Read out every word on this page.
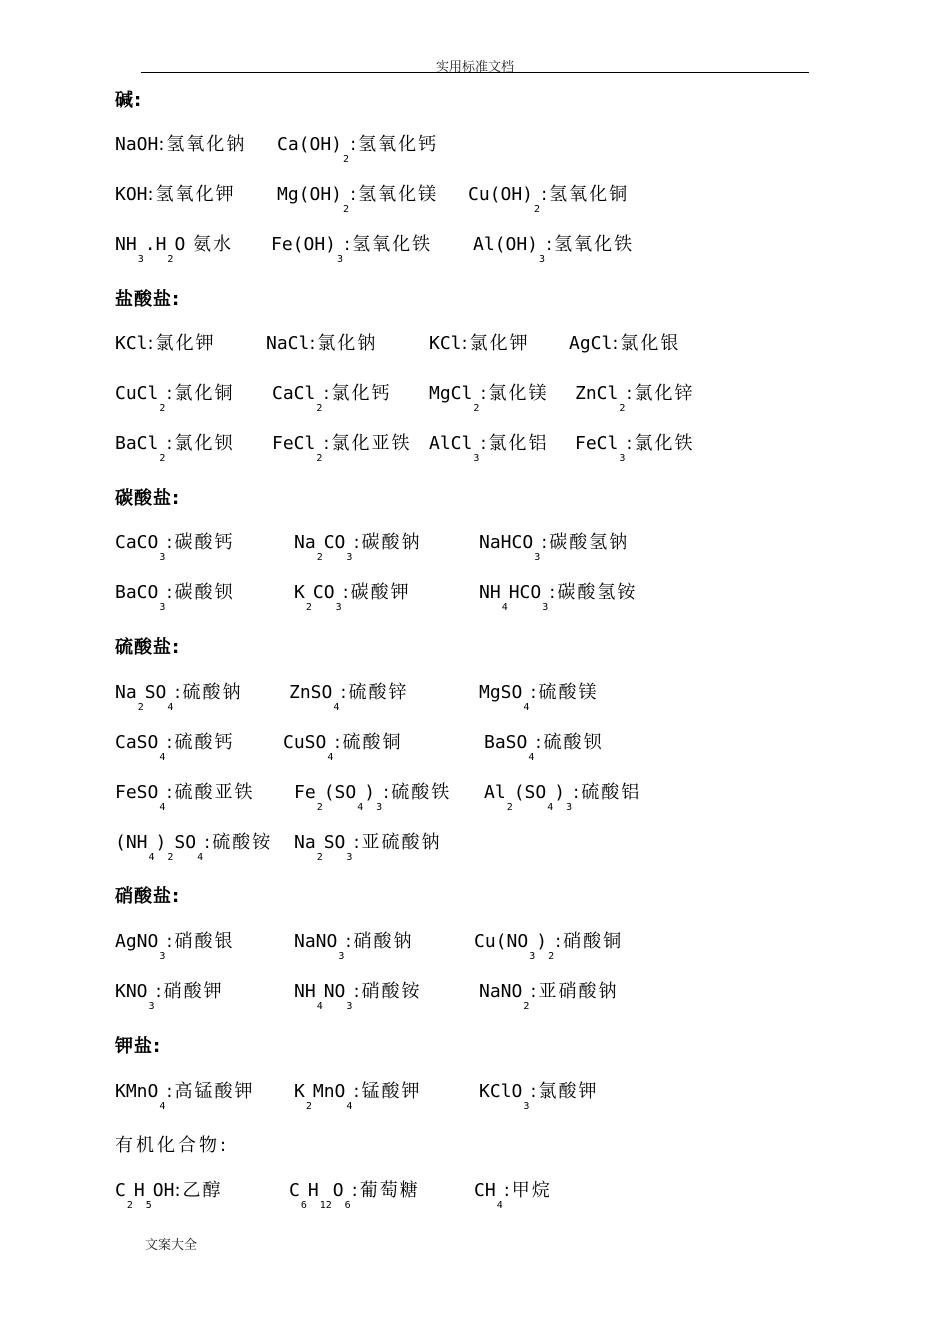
实用标准文档
碱:
NaOH:氢氧化钠 $Ca(OH)_2$:氢氧化钙
KOH:氢氧化钾 $Mg(OH)_2$:氢氧化镁 $Cu(OH)_2$:氢氧化铜
$NH_3.H_2O$ 氨水 $Fe(OH)_3$:氢氧化铁 $Al(OH)_3$:氢氧化铁
盐酸盐:
KCl:氯化钾	NaCl:氯化钠	KCl:氯化钾 AgCl:氯化银
CuCl$_2$:氯化铜 CaCl$_2$:氯化钙 MgCl$_2$:氯化镁 ZnCl$_2$:氯化锌
BaCl$_2$:氯化钡 FeCl$_2$:氯化亚铁 AlCl$_3$:氯化铝 FeCl$_3$:氯化铁
碳酸盐:
CaCO$_3$:碳酸钙	$Na_2CO_3$:碳酸钠	NaHCO$_3$:碳酸氢钠
BaCO$_3$:碳酸钡	$K_2CO_3$:碳酸钾	$NH_4HCO_3$:碳酸氢铵
硫酸盐:
$Na_2SO_4$:硫酸钠	ZnSO$_4$:硫酸锌	MgSO$_4$:硫酸镁
CaSO$_4$:硫酸钙	CuSO$_4$:硫酸铜	BaSO$_4$:硫酸钡
FeSO$_4$:硫酸亚铁 $Fe_2(SO_4)_3$:硫酸铁 $Al_2(SO_4)_3$:硫酸铝
$(NH_4)_2SO_4$:硫酸铵 $Na_2SO_3$:亚硫酸钠
硝酸盐:
AgNO$_3$:硝酸银	NaNO$_3$:硝酸钠	$Cu(NO_3)_2$:硝酸铜
$KNO_3$:硝酸钾	$NH_4NO_3$:硝酸铵	NaNO$_2$:亚硝酸钠
钾盐:
KMnO$_4$:高锰酸钾 $K_2MnO_4$:锰酸钾	KClO$_3$:氯酸钾
有机化合物:
$C_2H_5OH$:乙醇	$C_6H_{12}O_6$:葡萄糖	$CH_4$:甲烷
文案大全
